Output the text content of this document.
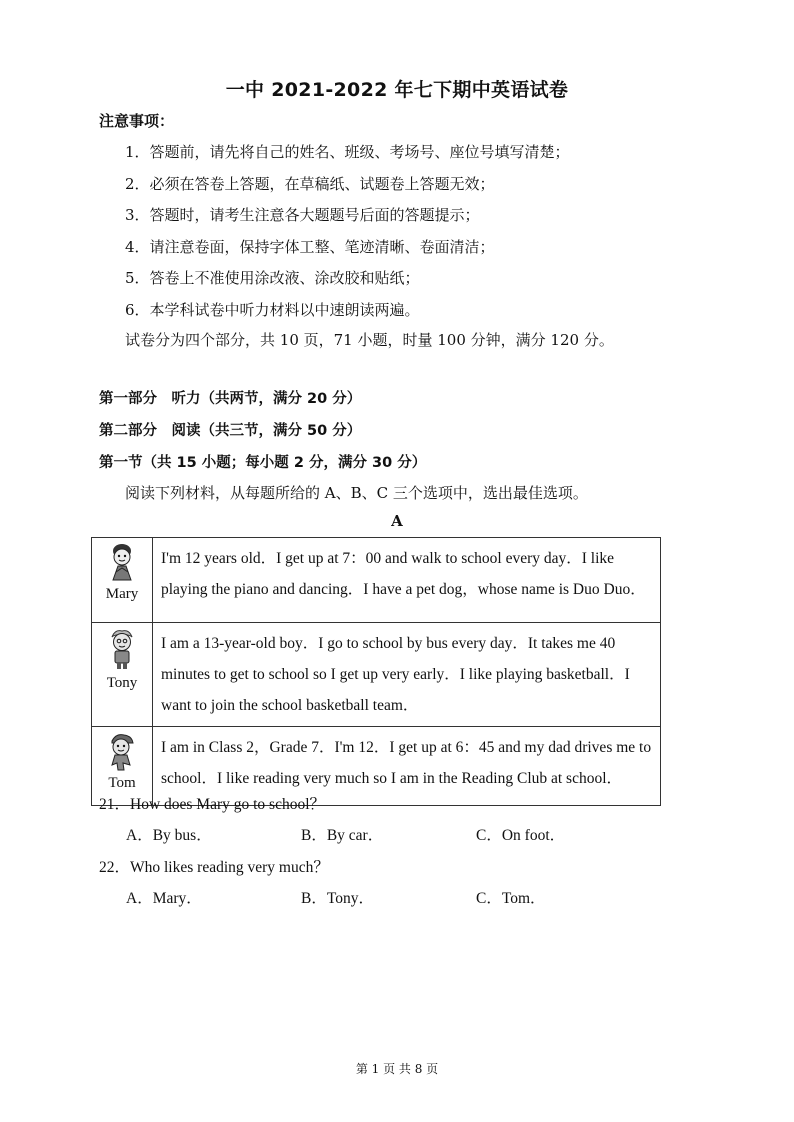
一中 2021-2022 年七下期中英语试卷
注意事项：
1．答题前，请先将自己的姓名、班级、考场号、座位号填写清楚；
2．必须在答卷上答题，在草稿纸、试题卷上答题无效；
3．答题时，请考生注意各大题题号后面的答题提示；
4．请注意卷面，保持字体工整、笔迹清晰、卷面清洁；
5．答卷上不准使用涂改液、涂改胶和贴纸；
6．本学科试卷中听力材料以中速朗读两遍。
试卷分为四个部分，共 10 页，71 小题，时量 100 分钟，满分 120 分。
第一部分　听力（共两节，满分 20 分）
第二部分　阅读（共三节，满分 50 分）
第一节（共 15 小题；每小题 2 分，满分 30 分）
阅读下列材料，从每题所给的 A、B、C 三个选项中，选出最佳选项。
A
Mary	I'm 12 years old．I get up at 7：00 and walk to school every day．I like playing the piano and dancing．I have a pet dog，whose name is Duo Duo．

Tony	I am a 13-year-old boy．I go to school by bus every day．It takes me 40 minutes to get to school so I get up very early．I like playing basketball．I want to join the school basketball team．

Tom	I am in Class 2，Grade 7．I'm 12．I get up at 6：45 and my dad drives me to school．I like reading very much so I am in the Reading Club at school．
21．How does Mary go to school？
A．By bus．	B．By car．	C．On foot．
22．Who likes reading very much？
A．Mary．	B．Tony．	C．Tom．
第 1 页 共 8 页
